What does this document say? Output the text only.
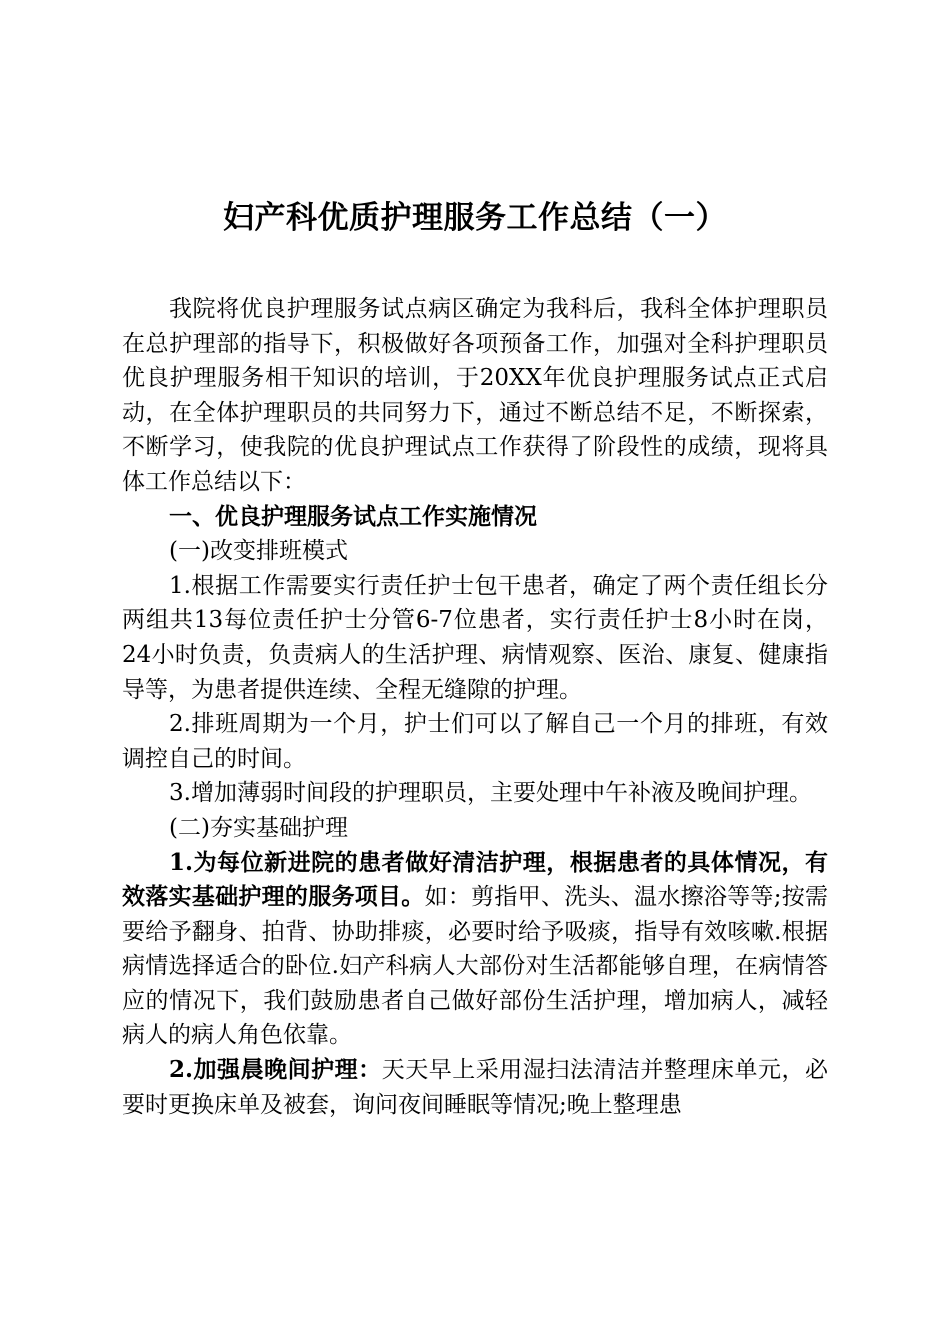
妇产科优质护理服务工作总结（一）

我院将优良护理服务试点病区确定为我科后，我科全体护理职员在总护理部的指导下，积极做好各项预备工作，加强对全科护理职员优良护理服务相干知识的培训，于20XX年优良护理服务试点正式启动，在全体护理职员的共同努力下，通过不断总结不足，不断探索，不断学习，使我院的优良护理试点工作获得了阶段性的成绩，现将具体工作总结以下：

一、优良护理服务试点工作实施情况

(一)改变排班模式

1.根据工作需要实行责任护士包干患者，确定了两个责任组长分两组共13每位责任护士分管6-7位患者，实行责任护士8小时在岗，24小时负责，负责病人的生活护理、病情观察、医治、康复、健康指导等，为患者提供连续、全程无缝隙的护理。

2.排班周期为一个月，护士们可以了解自己一个月的排班，有效调控自己的时间。

3.增加薄弱时间段的护理职员，主要处理中午补液及晚间护理。

(二)夯实基础护理

1.为每位新进院的患者做好清洁护理，根据患者的具体情况，有效落实基础护理的服务项目。如：剪指甲、洗头、温水擦浴等等;按需要给予翻身、拍背、协助排痰，必要时给予吸痰，指导有效咳嗽.根据病情选择适合的卧位.妇产科病人大部份对生活都能够自理，在病情答应的情况下，我们鼓励患者自己做好部份生活护理，增加病人，减轻病人的病人角色依靠。

2.加强晨晚间护理：天天早上采用湿扫法清洁并整理床单元，必要时更换床单及被套，询问夜间睡眠等情况;晚上整理患
